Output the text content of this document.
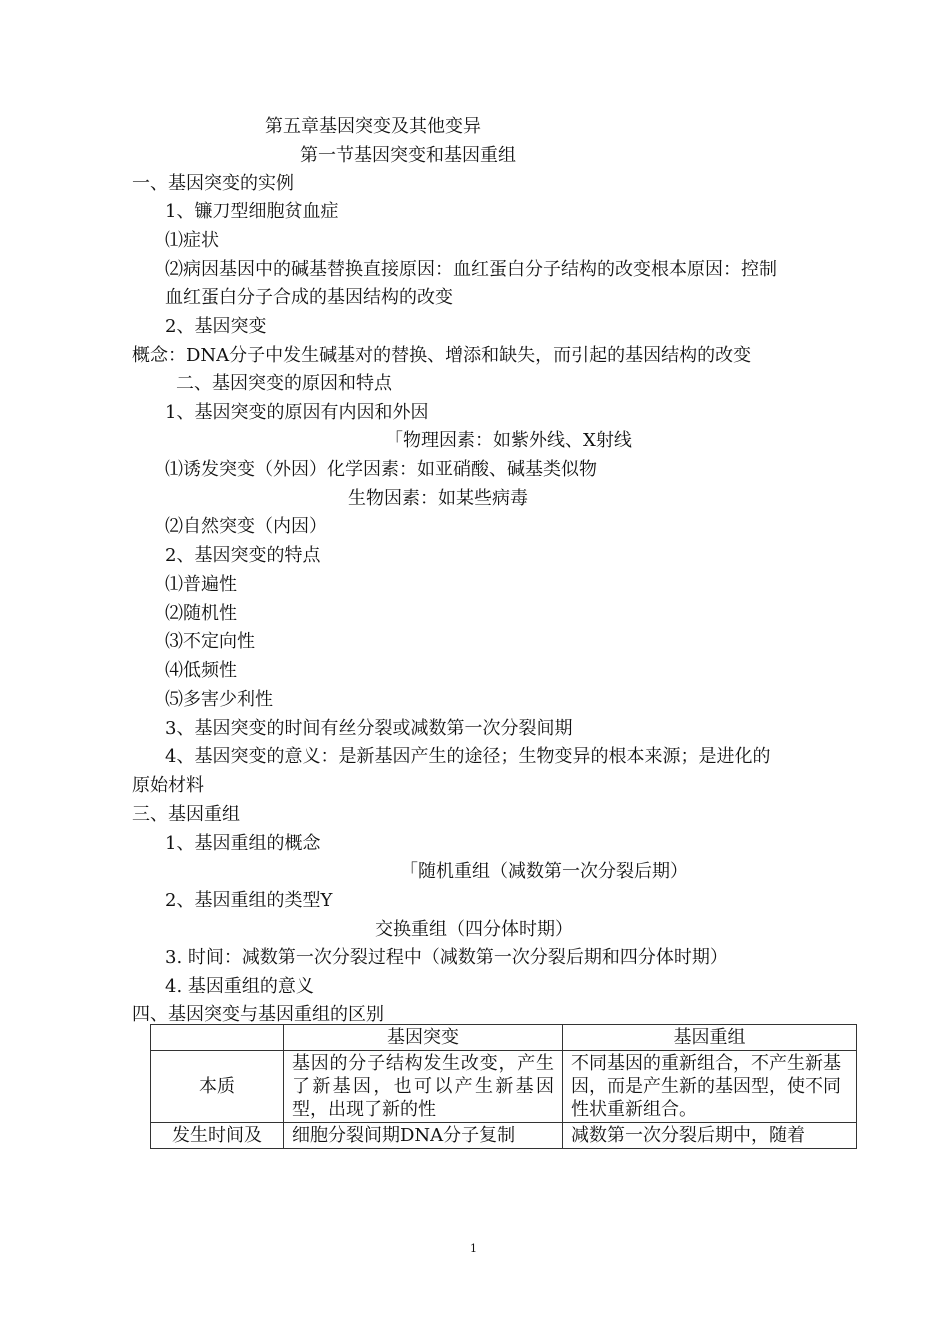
第五章基因突变及其他变异
第一节基因突变和基因重组
一、基因突变的实例
1、镰刀型细胞贫血症
⑴症状
⑵病因基因中的碱基替换直接原因：血红蛋白分子结构的改变根本原因：控制
血红蛋白分子合成的基因结构的改变
2、基因突变
概念：DNA分子中发生碱基对的替换、增添和缺失，而引起的基因结构的改变
二、基因突变的原因和特点
1、基因突变的原因有内因和外因
「物理因素：如紫外线、X射线
⑴诱发突变（外因）化学因素：如亚硝酸、碱基类似物
生物因素：如某些病毒
⑵自然突变（内因）
2、基因突变的特点
⑴普遍性
⑵随机性
⑶不定向性
⑷低频性
⑸多害少利性
3、基因突变的时间有丝分裂或减数第一次分裂间期
4、基因突变的意义：是新基因产生的途径；生物变异的根本来源；是进化的
原始材料
三、基因重组
1、基因重组的概念
「随机重组（减数第一次分裂后期）
2、基因重组的类型Y
交换重组（四分体时期）
3. 时间：减数第一次分裂过程中（减数第一次分裂后期和四分体时期）
4. 基因重组的意义
四、基因突变与基因重组的区别
	基因突变	基因重组
本质	基因的分子结构发生改变，产生了新基因，也可以产生新基因型，出现了新的性	不同基因的重新组合，不产生新基因，而是产生新的基因型，使不同性状重新组合。
发生时间及	细胞分裂间期DNA分子复制	减数第一次分裂后期中，随着
1
